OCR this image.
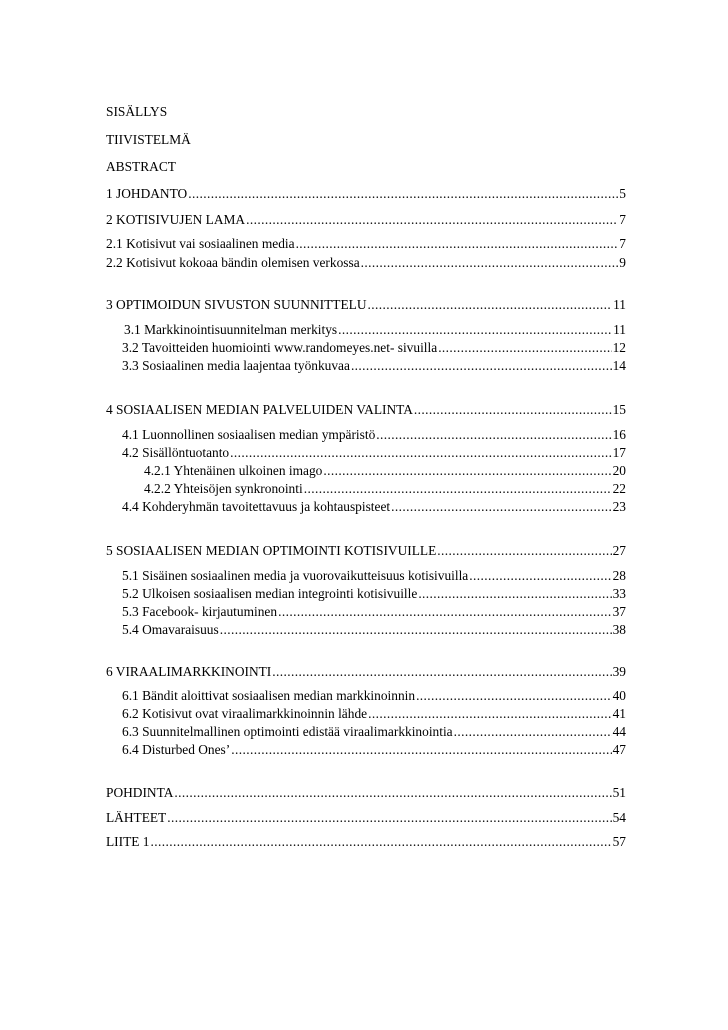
SISÄLLYS
TIIVISTELMÄ
ABSTRACT
1 JOHDANTO .....	5
2 KOTISIVUJEN LAMA .....	7
2.1 Kotisivut vai sosiaalinen media .....	7
2.2 Kotisivut kokoaa bändin olemisen verkossa .....	9
3 OPTIMOIDUN SIVUSTON SUUNNITTELU .....	11
3.1 Markkinointisuunnitelman merkitys .....	11
3.2 Tavoitteiden huomiointi www.randomeyes.net- sivuilla .....	12
3.3 Sosiaalinen media laajentaa työnkuvaa .....	14
4 SOSIAALISEN MEDIAN PALVELUIDEN VALINTA .....	15
4.1 Luonnollinen sosiaalisen median ympäristö .....	16
4.2 Sisällöntuotanto .....	17
4.2.1 Yhtenäinen ulkoinen imago .....	20
4.2.2 Yhteisöjen synkronointi .....	22
4.4 Kohderyhmän tavoitettavuus ja kohtauspisteet .....	23
5 SOSIAALISEN MEDIAN OPTIMOINTI KOTISIVUILLE .....	27
5.1 Sisäinen sosiaalinen media ja vuorovaikutteisuus kotisivuilla .....	28
5.2 Ulkoisen sosiaalisen median integrointi kotisivuille .....	33
5.3 Facebook- kirjautuminen .....	37
5.4 Omavaraisuus .....	38
6 VIRAALIMARKKINOINTI .....	39
6.1 Bändit aloittivat sosiaalisen median markkinoinnin .....	40
6.2 Kotisivut ovat viraalimarkkinoinnin lähde .....	41
6.3 Suunnitelmallinen optimointi edistää viraalimarkkinointia .....	44
6.4 Disturbed Ones’ .....	47
POHDINTA .....	51
LÄHTEET .....	54
LIITE 1 .....	57
